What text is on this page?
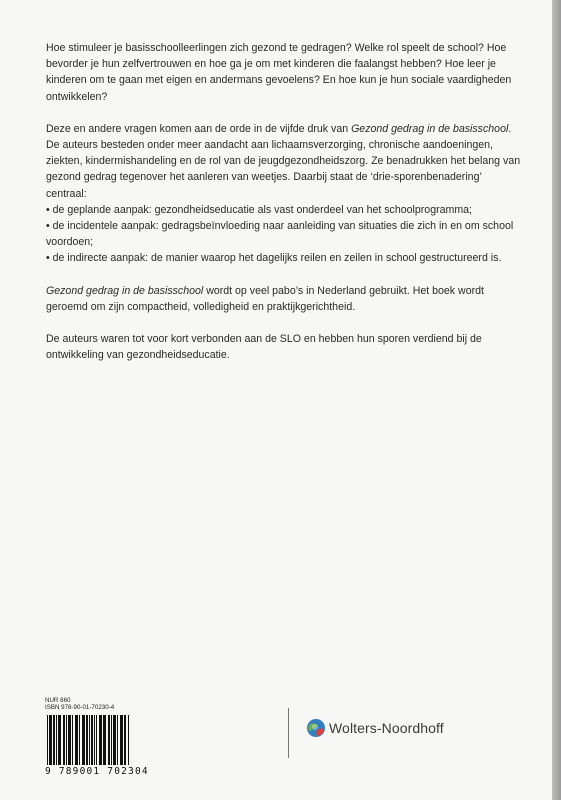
Hoe stimuleer je basisschoolleerlingen zich gezond te gedragen? Welke rol speelt de school? Hoe bevorder je hun zelfvertrouwen en hoe ga je om met kinderen die faalangst hebben? Hoe leer je kinderen om te gaan met eigen en andermans gevoelens? En hoe kun je hun sociale vaardigheden ontwikkelen?

Deze en andere vragen komen aan de orde in de vijfde druk van Gezond gedrag in de basisschool. De auteurs besteden onder meer aandacht aan lichaamsverzorging, chronische aandoeningen, ziekten, kindermishandeling en de rol van de jeugdgezondheidszorg. Ze benadrukken het belang van gezond gedrag tegenover het aanleren van weetjes. Daarbij staat de ‘drie-sporenbenadering’ centraal:
• de geplande aanpak: gezondheidseducatie als vast onderdeel van het schoolprogramma;
• de incidentele aanpak: gedragsbeïnvloeding naar aanleiding van situaties die zich in en om school voordoen;
• de indirecte aanpak: de manier waarop het dagelijks reilen en zeilen in school gestructureerd is.

Gezond gedrag in de basisschool wordt op veel pabo’s in Nederland gebruikt. Het boek wordt geroemd om zijn compactheid, volledigheid en praktijkgerichtheid.

De auteurs waren tot voor kort verbonden aan de SLO en hebben hun sporen verdiend bij de ontwikkeling van gezondheidseducatie.

NUR 860
ISBN 978-90-01-70230-4
9 789001 702304
Wolters-Noordhoff
